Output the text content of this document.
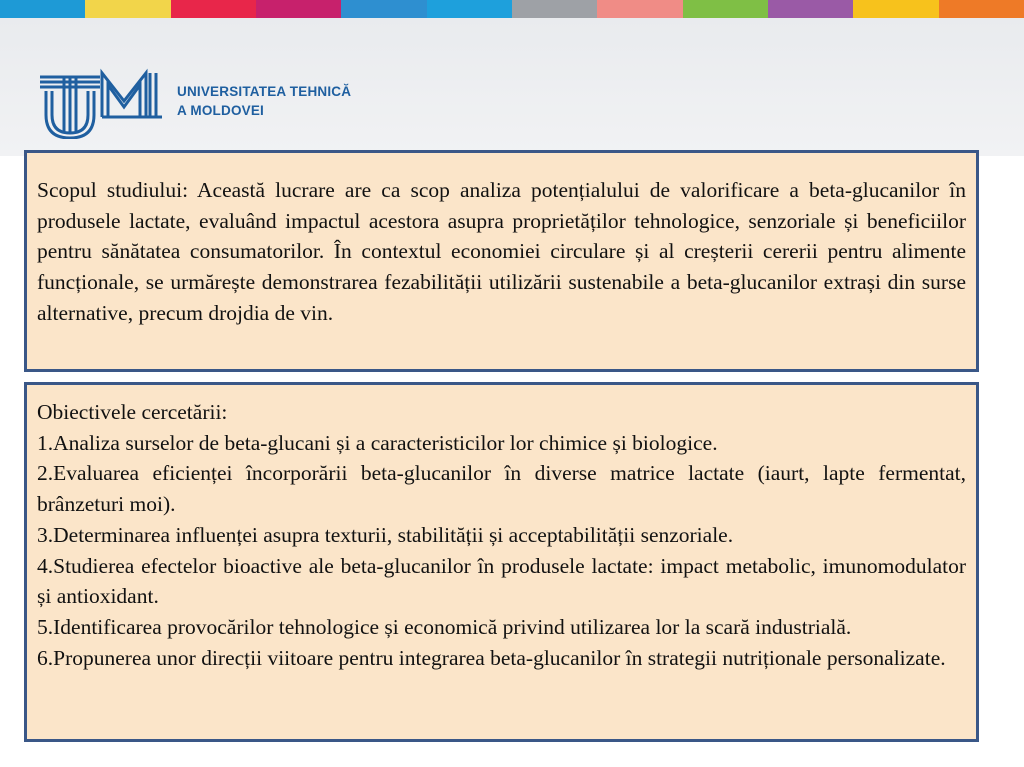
UNIVERSITATEA TEHNICĂ
A MOLDOVEI

Scopul studiului: Această lucrare are ca scop analiza potențialului de valorificare a beta-glucanilor în produsele lactate, evaluând impactul acestora asupra proprietăților tehnologice, senzoriale și beneficiilor pentru sănătatea consumatorilor. În contextul economiei circulare și al creșterii cererii pentru alimente funcționale, se urmărește demonstrarea fezabilității utilizării sustenabile a beta-glucanilor extrași din surse alternative, precum drojdia de vin.

Obiectivele cercetării:

1.Analiza surselor de beta-glucani și a caracteristicilor lor chimice și biologice.

2.Evaluarea eficienței încorporării beta-glucanilor în diverse matrice lactate (iaurt, lapte fermentat, brânzeturi moi).

3.Determinarea influenței asupra texturii, stabilității și acceptabilității senzoriale.

4.Studierea efectelor bioactive ale beta-glucanilor în produsele lactate: impact metabolic, imunomodulator și antioxidant.

5.Identificarea provocărilor tehnologice și economică privind utilizarea lor la scară industrială.

6.Propunerea unor direcții viitoare pentru integrarea beta-glucanilor în strategii nutriționale personalizate.
